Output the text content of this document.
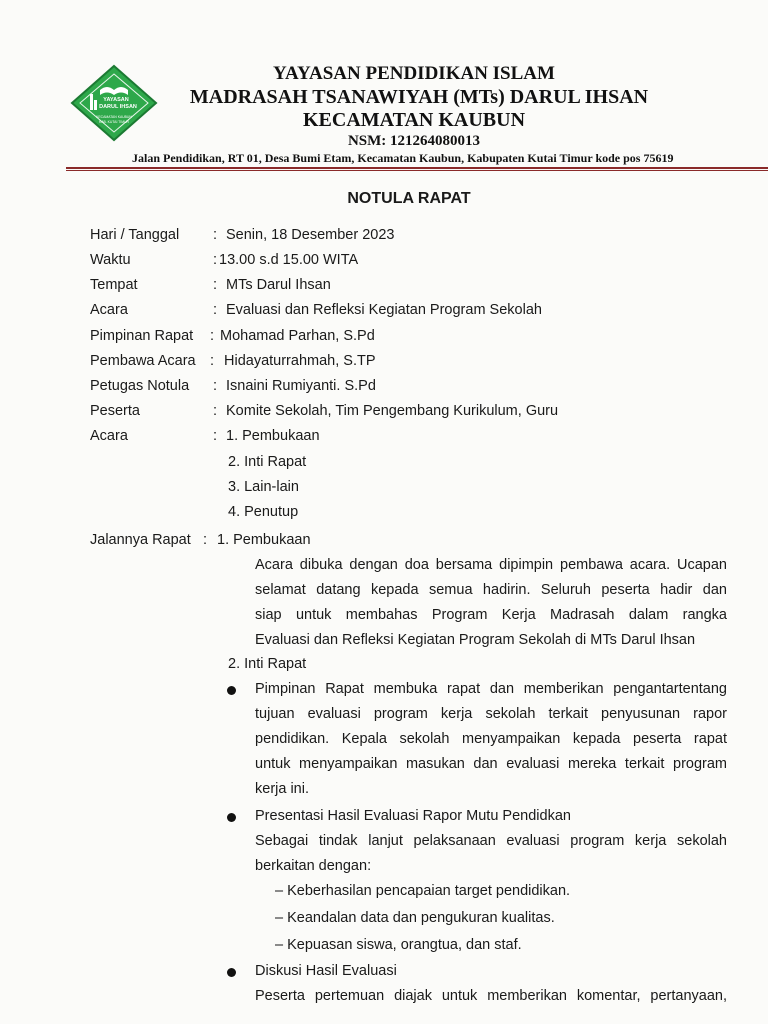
YAYASAN
DARUL IHSAN
KECAMATAN KAUBUN
KAB. KUTAI TIMUR
YAYASAN PENDIDIKAN ISLAM
MADRASAH TSANAWIYAH (MTs) DARUL IHSAN
KECAMATAN KAUBUN
NSM: 121264080013
Jalan Pendidikan, RT 01, Desa Bumi Etam, Kecamatan Kaubun, Kabupaten Kutai Timur kode pos 75619
NOTULA RAPAT
Hari / Tanggal : Senin, 18 Desember 2023
Waktu	: 13.00 s.d 15.00 WITA
Tempat	: MTs Darul Ihsan
Acara	: Evaluasi dan Refleksi Kegiatan Program Sekolah
Pimpinan Rapat : Mohamad Parhan, S.Pd
Pembawa Acara : Hidayaturrahmah, S.TP
Petugas Notula : Isnaini Rumiyanti. S.Pd
Peserta	: Komite Sekolah, Tim Pengembang Kurikulum, Guru
Acara	: 1. Pembukaan
2. Inti Rapat
3. Lain-lain
4. Penutup
Jalannya Rapat : 1. Pembukaan
Acara dibuka dengan doa bersama dipimpin pembawa acara. Ucapan
selamat datang kepada semua hadirin. Seluruh peserta hadir dan
siap untuk membahas Program Kerja Madrasah dalam rangka
Evaluasi dan Refleksi Kegiatan Program Sekolah di MTs Darul Ihsan
2. Inti Rapat
Pimpinan Rapat membuka rapat dan memberikan pengantartentang
tujuan evaluasi program kerja sekolah terkait penyusunan rapor
pendidikan. Kepala sekolah menyampaikan kepada peserta rapat
untuk menyampaikan masukan dan evaluasi mereka terkait program
kerja ini.
Presentasi Hasil Evaluasi Rapor Mutu Pendidkan
Sebagai tindak lanjut pelaksanaan evaluasi program kerja sekolah
berkaitan dengan:
– Keberhasilan pencapaian target pendidikan.
– Keandalan data dan pengukuran kualitas.
– Kepuasan siswa, orangtua, dan staf.
Diskusi Hasil Evaluasi
Peserta pertemuan diajak untuk memberikan komentar, pertanyaan,
